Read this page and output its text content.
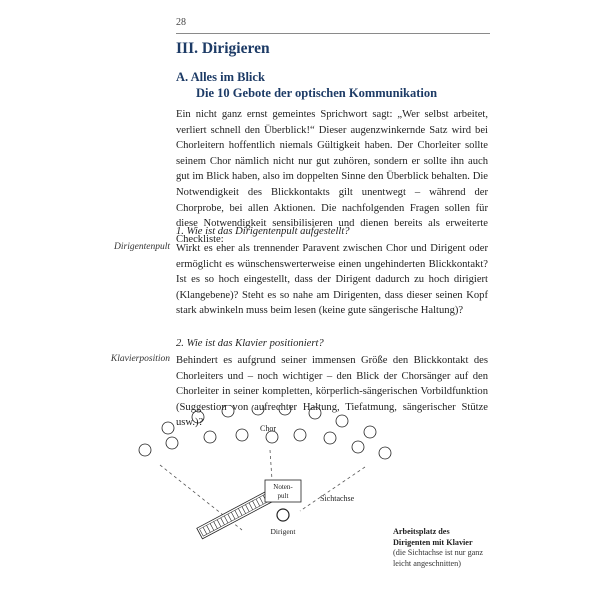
28
III. Dirigieren
A. Alles im Blick
Die 10 Gebote der optischen Kommunikation
Ein nicht ganz ernst gemeintes Sprichwort sagt: „Wer selbst arbeitet, verliert schnell den Überblick!“ Dieser augenzwinkernde Satz wird bei Chorleitern hoffentlich niemals Gültigkeit haben. Der Chorleiter sollte seinem Chor nämlich nicht nur gut zuhören, sondern er sollte ihn auch gut im Blick haben, also im doppelten Sinne den Überblick behalten. Die Notwendigkeit des Blickkontakts gilt unentwegt – während der Chorprobe, bei allen Aktionen. Die nachfolgenden Fragen sollen für diese Notwendigkeit sensibilisieren und dienen bereits als erweiterte Checkliste:
1. Wie ist das Dirigentenpult aufgestellt?
Dirigentenpult Wirkt es eher als trennender Paravent zwischen Chor und Dirigent oder ermöglicht es wünschenswerterweise einen ungehinderten Blickkontakt? Ist es so hoch eingestellt, dass der Dirigent dadurch zu hoch dirigiert (Klangebene)? Steht es so nahe am Dirigenten, dass dieser seinen Kopf stark abwinkeln muss beim lesen (keine gute sängerische Haltung)?
2. Wie ist das Klavier positioniert?
Klavierposition Behindert es aufgrund seiner immensen Größe den Blickkontakt des Chorleiters und – noch wichtiger – den Blick der Chorsänger auf den Chorleiter in seiner kompletten, körperlich-sängerischen Vorbildfunktion (Suggestion von aufrechter Haltung, Tiefatmung, sängerischer Stütze usw.)?
Chor
Noten-
pult	Sichtachse
Dirigent	Arbeitsplatz des
Dirigenten mit Klavier
(die Sichtachse ist nur ganz leicht angeschnitten)
